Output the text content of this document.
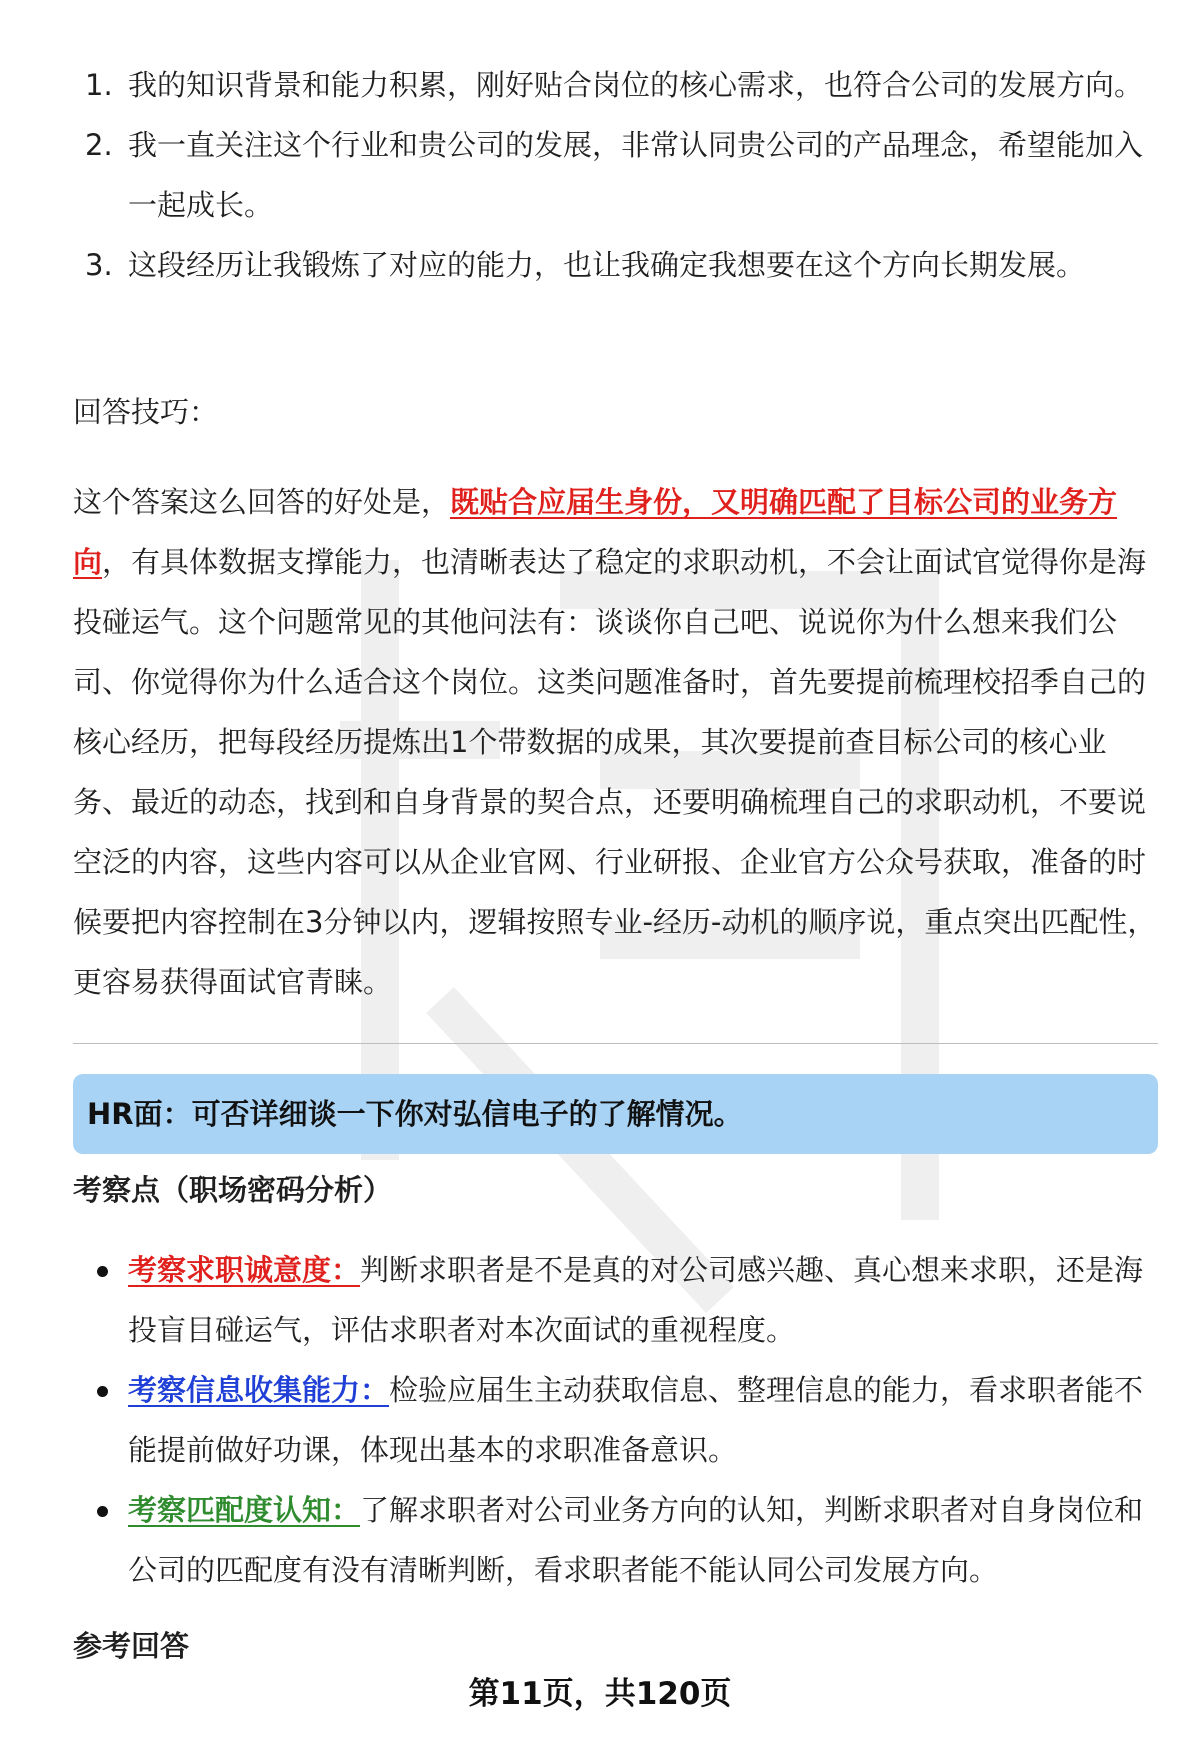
1. 我的知识背景和能力积累，刚好贴合岗位的核心需求，也符合公司的发展方向。
2. 我一直关注这个行业和贵公司的发展，非常认同贵公司的产品理念，希望能加入一起成长。
3. 这段经历让我锻炼了对应的能力，也让我确定我想要在这个方向长期发展。
回答技巧：
这个答案这么回答的好处是，既贴合应届生身份，又明确匹配了目标公司的业务方向，有具体数据支撑能力，也清晰表达了稳定的求职动机，不会让面试官觉得你是海投碰运气。这个问题常见的其他问法有：谈谈你自己吧、说说你为什么想来我们公司、你觉得你为什么适合这个岗位。这类问题准备时，首先要提前梳理校招季自己的核心经历，把每段经历提炼出1个带数据的成果，其次要提前查目标公司的核心业务、最近的动态，找到和自身背景的契合点，还要明确梳理自己的求职动机，不要说空泛的内容，这些内容可以从企业官网、行业研报、企业官方公众号获取，准备的时候要把内容控制在3分钟以内，逻辑按照专业-经历-动机的顺序说，重点突出匹配性，更容易获得面试官青睐。
HR面：可否详细谈一下你对弘信电子的了解情况。
考察点（职场密码分析）
考察求职诚意度：判断求职者是不是真的对公司感兴趣、真心想来求职，还是海投盲目碰运气，评估求职者对本次面试的重视程度。
考察信息收集能力：检验应届生主动获取信息、整理信息的能力，看求职者能不能提前做好功课，体现出基本的求职准备意识。
考察匹配度认知：了解求职者对公司业务方向的认知，判断求职者对自身岗位和公司的匹配度有没有清晰判断，看求职者能不能认同公司发展方向。
参考回答
第11页，共120页
